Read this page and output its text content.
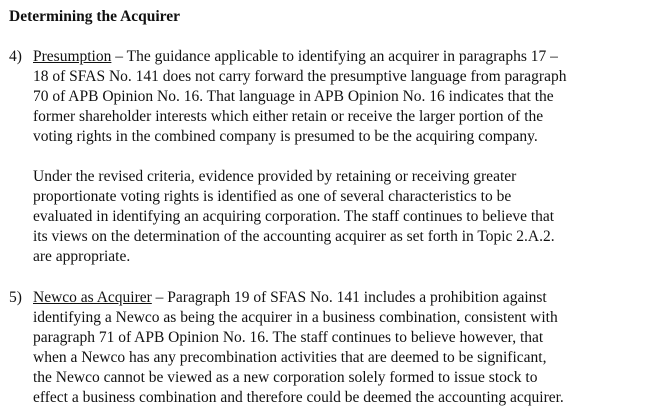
Determining the Acquirer
4) Presumption – The guidance applicable to identifying an acquirer in paragraphs 17 –
18 of SFAS No. 141 does not carry forward the presumptive language from paragraph
70 of APB Opinion No. 16. That language in APB Opinion No. 16 indicates that the
former shareholder interests which either retain or receive the larger portion of the
voting rights in the combined company is presumed to be the acquiring company.
Under the revised criteria, evidence provided by retaining or receiving greater
proportionate voting rights is identified as one of several characteristics to be
evaluated in identifying an acquiring corporation. The staff continues to believe that
its views on the determination of the accounting acquirer as set forth in Topic 2.A.2.
are appropriate.
5) Newco as Acquirer – Paragraph 19 of SFAS No. 141 includes a prohibition against
identifying a Newco as being the acquirer in a business combination, consistent with
paragraph 71 of APB Opinion No. 16. The staff continues to believe however, that
when a Newco has any precombination activities that are deemed to be significant,
the Newco cannot be viewed as a new corporation solely formed to issue stock to
effect a business combination and therefore could be deemed the accounting acquirer.
